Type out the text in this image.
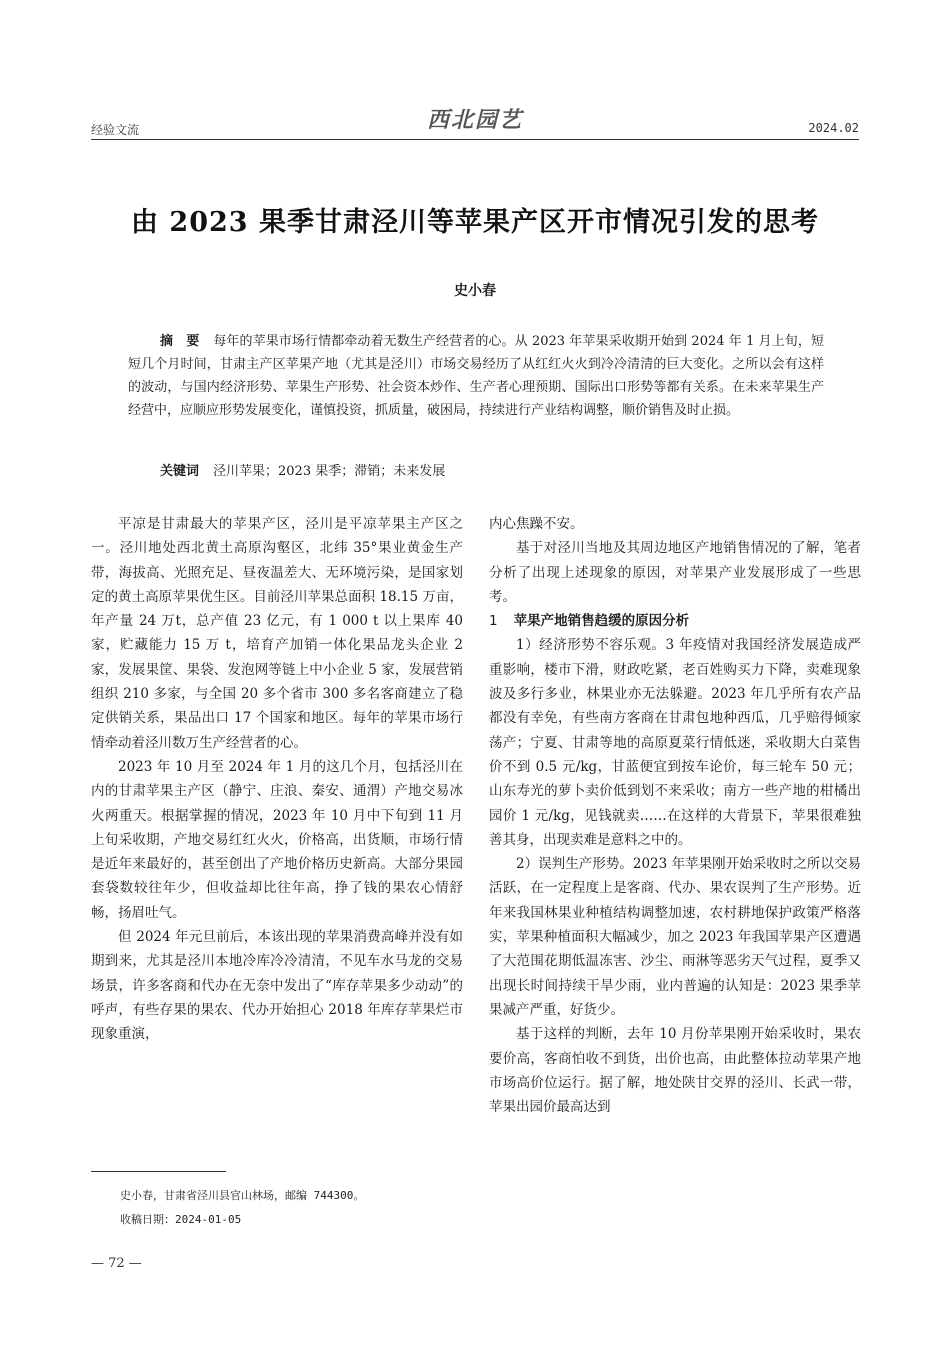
经验文流	西北园艺	2024.02
由 2023 果季甘肃泾川等苹果产区开市情况引发的思考
史小春
摘　要 每年的苹果市场行情都牵动着无数生产经营者的心。从 2023 年苹果采收期开始到 2024 年 1 月上旬，短短几个月时间，甘肃主产区苹果产地（尤其是泾川）市场交易经历了从红红火火到冷冷清清的巨大变化。之所以会有这样的波动，与国内经济形势、苹果生产形势、社会资本炒作、生产者心理预期、国际出口形势等都有关系。在未来苹果生产经营中，应顺应形势发展变化，谨慎投资，抓质量，破困局，持续进行产业结构调整，顺价销售及时止损。
关键词 泾川苹果；2023 果季；滞销；未来发展

平凉是甘肃最大的苹果产区，泾川是平凉苹果主产区之一。泾川地处西北黄土高原沟壑区，北纬 35°果业黄金生产带，海拔高、光照充足、昼夜温差大、无环境污染，是国家划定的黄土高原苹果优生区。目前泾川苹果总面积 18.15 万亩，年产量 24 万t，总产值 23 亿元，有 1 000 t 以上果库 40 家，贮藏能力 15 万 t，培育产加销一体化果品龙头企业 2 家，发展果筐、果袋、发泡网等链上中小企业 5 家，发展营销组织 210 多家，与全国 20 多个省市 300 多名客商建立了稳定供销关系，果品出口 17 个国家和地区。每年的苹果市场行情牵动着泾川数万生产经营者的心。

2023 年 10 月至 2024 年 1 月的这几个月，包括泾川在内的甘肃苹果主产区（静宁、庄浪、秦安、通渭）产地交易冰火两重天。根据掌握的情况，2023 年 10 月中下旬到 11 月上旬采收期，产地交易红红火火，价格高，出货顺，市场行情是近年来最好的，甚至创出了产地价格历史新高。大部分果园套袋数较往年少，但收益却比往年高，挣了钱的果农心情舒畅，扬眉吐气。

但 2024 年元旦前后，本该出现的苹果消费高峰并没有如期到来，尤其是泾川本地冷库冷冷清清，不见车水马龙的交易场景，许多客商和代办在无奈中发出了“库存苹果多少动动”的呼声，有些存果的果农、代办开始担心 2018 年库存苹果烂市现象重演，

内心焦躁不安。

基于对泾川当地及其周边地区产地销售情况的了解，笔者分析了出现上述现象的原因，对苹果产业发展形成了一些思考。

1 苹果产地销售趋缓的原因分析

1）经济形势不容乐观。3 年疫情对我国经济发展造成严重影响，楼市下滑，财政吃紧，老百姓购买力下降，卖难现象波及多行多业，林果业亦无法躲避。2023 年几乎所有农产品都没有幸免，有些南方客商在甘肃包地种西瓜，几乎赔得倾家荡产；宁夏、甘肃等地的高原夏菜行情低迷，采收期大白菜售价不到 0.5 元/kg，甘蓝便宜到按车论价，每三轮车 50 元；山东寿光的萝卜卖价低到划不来采收；南方一些产地的柑橘出园价 1 元/kg，见钱就卖……在这样的大背景下，苹果很难独善其身，出现卖难是意料之中的。

2）误判生产形势。2023 年苹果刚开始采收时之所以交易活跃，在一定程度上是客商、代办、果农误判了生产形势。近年来我国林果业种植结构调整加速，农村耕地保护政策严格落实，苹果种植面积大幅减少，加之 2023 年我国苹果产区遭遇了大范围花期低温冻害、沙尘、雨淋等恶劣天气过程，夏季又出现长时间持续干旱少雨，业内普遍的认知是：2023 果季苹果减产严重，好货少。

基于这样的判断，去年 10 月份苹果刚开始采收时，果农要价高，客商怕收不到货，出价也高，由此整体拉动苹果产地市场高价位运行。据了解，地处陕甘交界的泾川、长武一带，苹果出园价最高达到

史小春，甘肃省泾川县官山林场，邮编 744300。
收稿日期：2024-01-05
— 72 —
